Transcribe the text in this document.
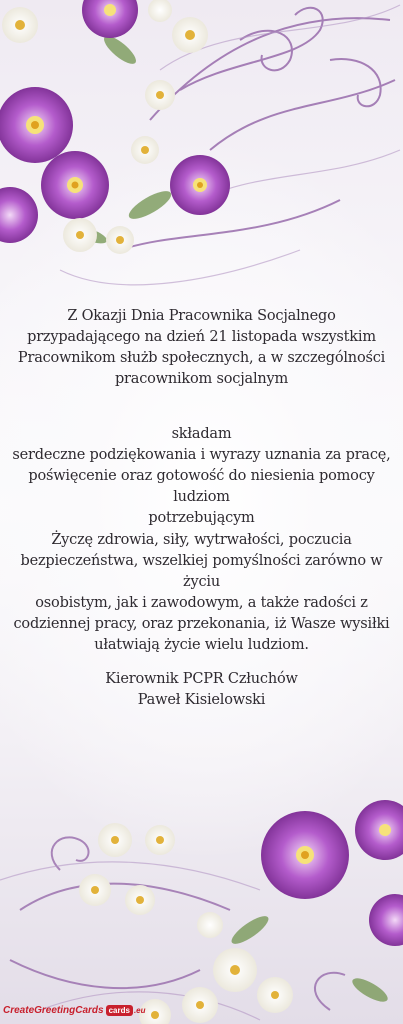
Z Okazji Dnia Pracownika Socjalnego
przypadającego na dzień 21 listopada wszystkim
Pracownikom służb społecznych, a w szczególności
pracownikom socjalnym
składam
serdeczne podziękowania i wyrazy uznania za pracę,
poświęcenie oraz gotowość do niesienia pomocy ludziom
potrzebującym
Życzę zdrowia, siły, wytrwałości, poczucia
bezpieczeństwa, wszelkiej pomyślności zarówno w życiu
osobistym, jak i zawodowym, a także radości z
codziennej pracy, oraz przekonania, iż Wasze wysiłki
ułatwiają życie wielu ludziom.
Kierownik PCPR Człuchów
Paweł Kisielowski
CreateGreetingCards cards .eu
